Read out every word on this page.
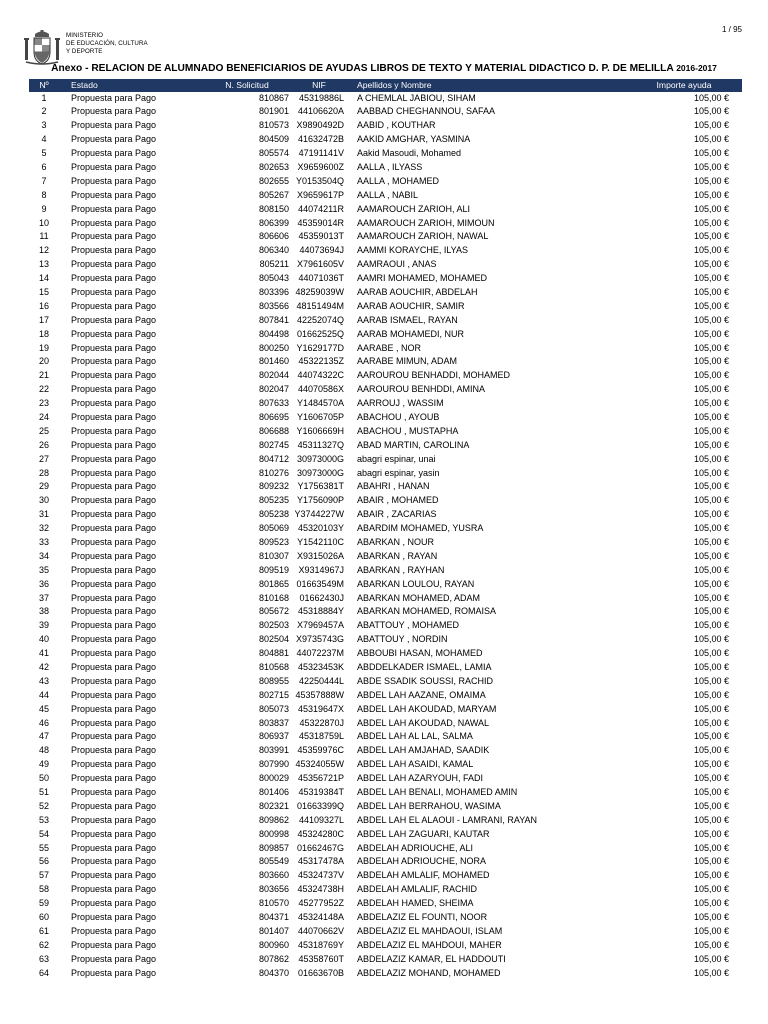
1 / 95
MINISTERIO
DE EDUCACIÓN, CULTURA
Y DEPORTE
Anexo - RELACION DE ALUMNADO BENEFICIARIOS DE AYUDAS LIBROS DE TEXTO Y MATERIAL DIDACTICO D. P. DE MELILLA 2016-2017
Nº	Estado	N. Solicitud	NIF	Apellidos y Nombre	Importe ayuda
1	Propuesta para Pago	810867	45319886L A CHEMLAL JABIOU, SIHAM	105,00 €
2	Propuesta para Pago	801901 44106620A AABBAD CHEGHANNOU, SAFAA	105,00 €
3	Propuesta para Pago	810573 X9890492D AABID , KOUTHAR	105,00 €
4	Propuesta para Pago	804509 41632472B AAKID AMGHAR, YASMINA	105,00 €
5	Propuesta para Pago	805574	47191141V Aakid Masoudi, Mohamed	105,00 €
6	Propuesta para Pago	802653 X9659600Z AALLA , ILYASS	105,00 €
7	Propuesta para Pago	802655 Y0153504Q AALLA , MOHAMED	105,00 €
8	Propuesta para Pago	805267 X9659617P AALLA , NABIL	105,00 €
9	Propuesta para Pago	808150	44074211R AAMAROUCH ZARIOH, ALI	105,00 €
10	Propuesta para Pago	806399 45359014R AAMAROUCH ZARIOH, MIMOUN	105,00 €
11	Propuesta para Pago	806606	45359013T AAMAROUCH ZARIOH, NAWAL	105,00 €
12	Propuesta para Pago	806340	44073694J AAMMI KORAYCHE, ILYAS	105,00 €
13	Propuesta para Pago	805211 X7961605V AAMRAOUI , ANAS	105,00 €
14	Propuesta para Pago	805043	44071036T AAMRI MOHAMED, MOHAMED	105,00 €
15	Propuesta para Pago	803396 48259039W AARAB AOUCHIR, ABDELAH	105,00 €
16	Propuesta para Pago	803566 48151494M AARAB AOUCHIR, SAMIR	105,00 €
17	Propuesta para Pago	807841 42252074Q AARAB ISMAEL, RAYAN	105,00 €
18	Propuesta para Pago	804498 01662525Q AARAB MOHAMEDI, NUR	105,00 €
19	Propuesta para Pago	800250 Y1629177D AARABE , NOR	105,00 €
20	Propuesta para Pago	801460	45322135Z AARABE MIMUN, ADAM	105,00 €
21	Propuesta para Pago	802044 44074322C AAROUROU BENHADDI, MOHAMED	105,00 €
22	Propuesta para Pago	802047 44070586X AAROUROU BENHDDI, AMINA	105,00 €
23	Propuesta para Pago	807633 Y1484570A AARROUJ , WASSIM	105,00 €
24	Propuesta para Pago	806695 Y1606705P ABACHOU , AYOUB	105,00 €
25	Propuesta para Pago	806688 Y1606669H ABACHOU , MUSTAPHA	105,00 €
26	Propuesta para Pago	802745 45311327Q ABAD MARTIN, CAROLINA	105,00 €
27	Propuesta para Pago	804712 30973000G abagri espinar, unai	105,00 €
28	Propuesta para Pago	810276 30973000G abagri espinar, yasin	105,00 €
29	Propuesta para Pago	809232 Y1756381T ABAHRI , HANAN	105,00 €
30	Propuesta para Pago	805235 Y1756090P ABAIR , MOHAMED	105,00 €
31	Propuesta para Pago	805238 Y3744227W ABAIR , ZACARIAS	105,00 €
32	Propuesta para Pago	805069 45320103Y ABARDIM MOHAMED, YUSRA	105,00 €
33	Propuesta para Pago	809523 Y1542110C ABARKAN , NOUR	105,00 €
34	Propuesta para Pago	810307 X9315026A ABARKAN , RAYAN	105,00 €
35	Propuesta para Pago	809519	X9314967J ABARKAN , RAYHAN	105,00 €
36	Propuesta para Pago	801865 01663549M ABARKAN LOULOU, RAYAN	105,00 €
37	Propuesta para Pago	810168	01662430J ABARKAN MOHAMED, ADAM	105,00 €
38	Propuesta para Pago	805672 45318884Y ABARKAN MOHAMED, ROMAISA	105,00 €
39	Propuesta para Pago	802503 X7969457A ABATTOUY , MOHAMED	105,00 €
40	Propuesta para Pago	802504 X9735743G ABATTOUY , NORDIN	105,00 €
41	Propuesta para Pago	804881 44072237M ABBOUBI HASAN, MOHAMED	105,00 €
42	Propuesta para Pago	810568 45323453K ABDDELKADER ISMAEL, LAMIA	105,00 €
43	Propuesta para Pago	808955	42250444L ABDE SSADIK SOUSSI, RACHID	105,00 €
44	Propuesta para Pago	802715 45357888W ABDEL LAH AAZANE, OMAIMA	105,00 €
45	Propuesta para Pago	805073 45319647X ABDEL LAH AKOUDAD, MARYAM	105,00 €
46	Propuesta para Pago	803837	45322870J ABDEL LAH AKOUDAD, NAWAL	105,00 €
47	Propuesta para Pago	806937	45318759L ABDEL LAH AL LAL, SALMA	105,00 €
48	Propuesta para Pago	803991 45359976C ABDEL LAH AMJAHAD, SAADIK	105,00 €
49	Propuesta para Pago	807990 45324055W ABDEL LAH ASAIDI, KAMAL	105,00 €
50	Propuesta para Pago	800029 45356721P ABDEL LAH AZARYOUH, FADI	105,00 €
51	Propuesta para Pago	801406	45319384T ABDEL LAH BENALI, MOHAMED AMIN	105,00 €
52	Propuesta para Pago	802321 01663399Q ABDEL LAH BERRAHOU, WASIMA	105,00 €
53	Propuesta para Pago	809862	44109327L ABDEL LAH EL ALAOUI - LAMRANI, RAYAN	105,00 €
54	Propuesta para Pago	800998 45324280C ABDEL LAH ZAGUARI, KAUTAR	105,00 €
55	Propuesta para Pago	809857 01662467G ABDELAH ADRIOUCHE, ALI	105,00 €
56	Propuesta para Pago	805549 45317478A ABDELAH ADRIOUCHE, NORA	105,00 €
57	Propuesta para Pago	803660 45324737V ABDELAH AMLALIF, MOHAMED	105,00 €
58	Propuesta para Pago	803656 45324738H ABDELAH AMLALIF, RACHID	105,00 €
59	Propuesta para Pago	810570	45277952Z ABDELAH HAMED, SHEIMA	105,00 €
60	Propuesta para Pago	804371 45324148A ABDELAZIZ EL FOUNTI, NOOR	105,00 €
61	Propuesta para Pago	801407 44070662V ABDELAZIZ EL MAHDAOUI, ISLAM	105,00 €
62	Propuesta para Pago	800960 45318769Y ABDELAZIZ EL MAHDOUI, MAHER	105,00 €
63	Propuesta para Pago	807862	45358760T ABDELAZIZ KAMAR, EL HADDOUTI	105,00 €
64	Propuesta para Pago	804370 01663670B ABDELAZIZ MOHAND, MOHAMED	105,00 €
